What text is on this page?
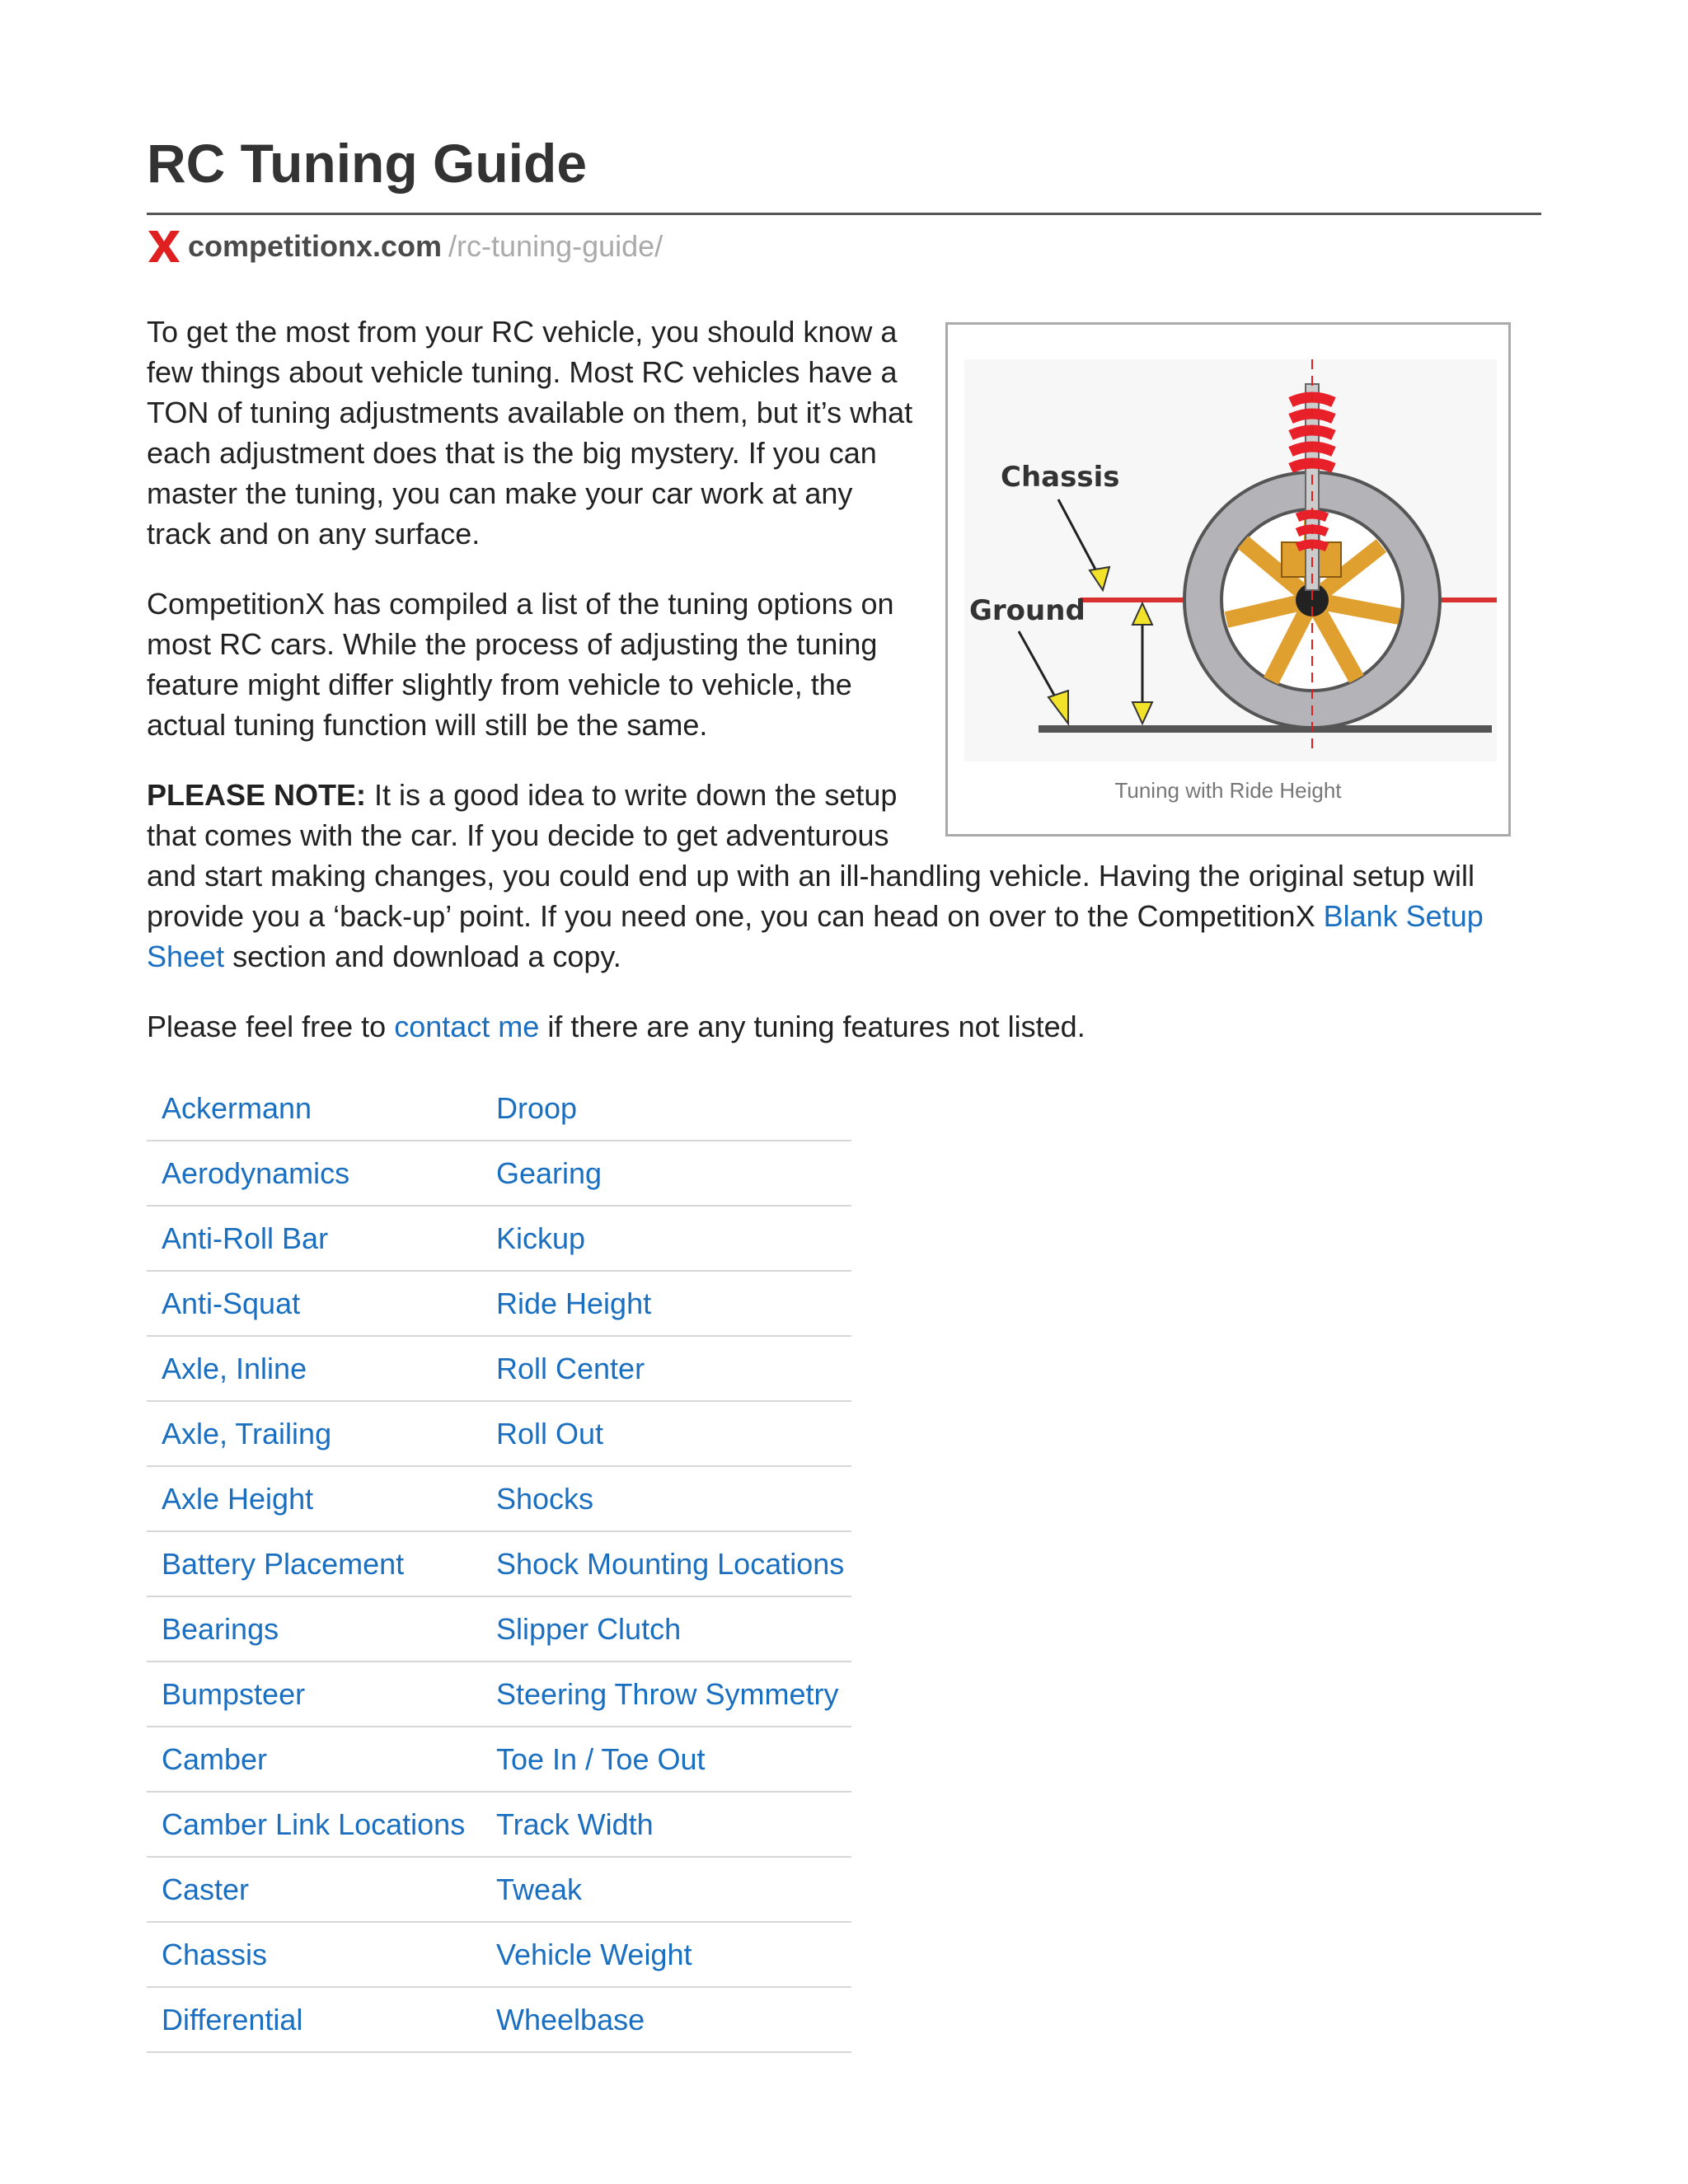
RC Tuning Guide
competitionx.com /rc-tuning-guide/
Chassis
Ground
Tuning with Ride Height

To get the most from your RC vehicle, you should know a few things about vehicle tuning. Most RC vehicles have a TON of tuning adjustments available on them, but it’s what each adjustment does that is the big mystery. If you can master the tuning, you can make your car work at any track and on any surface.

CompetitionX has compiled a list of the tuning options on most RC cars. While the process of adjusting the tuning feature might differ slightly from vehicle to vehicle, the actual tuning function will still be the same.

PLEASE NOTE: It is a good idea to write down the setup that comes with the car. If you decide to get adventurous and start making changes, you could end up with an ill-handling vehicle. Having the original setup will provide you a ‘back-up’ point. If you need one, you can head on over to the CompetitionX Blank Setup Sheet section and download a copy.

Please feel free to contact me if there are any tuning features not listed.

Ackermann	Droop
Aerodynamics	Gearing
Anti-Roll Bar	Kickup
Anti-Squat	Ride Height
Axle, Inline	Roll Center
Axle, Trailing	Roll Out
Axle Height	Shocks
Battery Placement	Shock Mounting Locations
Bearings	Slipper Clutch
Bumpsteer	Steering Throw Symmetry
Camber	Toe In / Toe Out
Camber Link Locations	Track Width
Caster	Tweak
Chassis	Vehicle Weight
Differential	Wheelbase
